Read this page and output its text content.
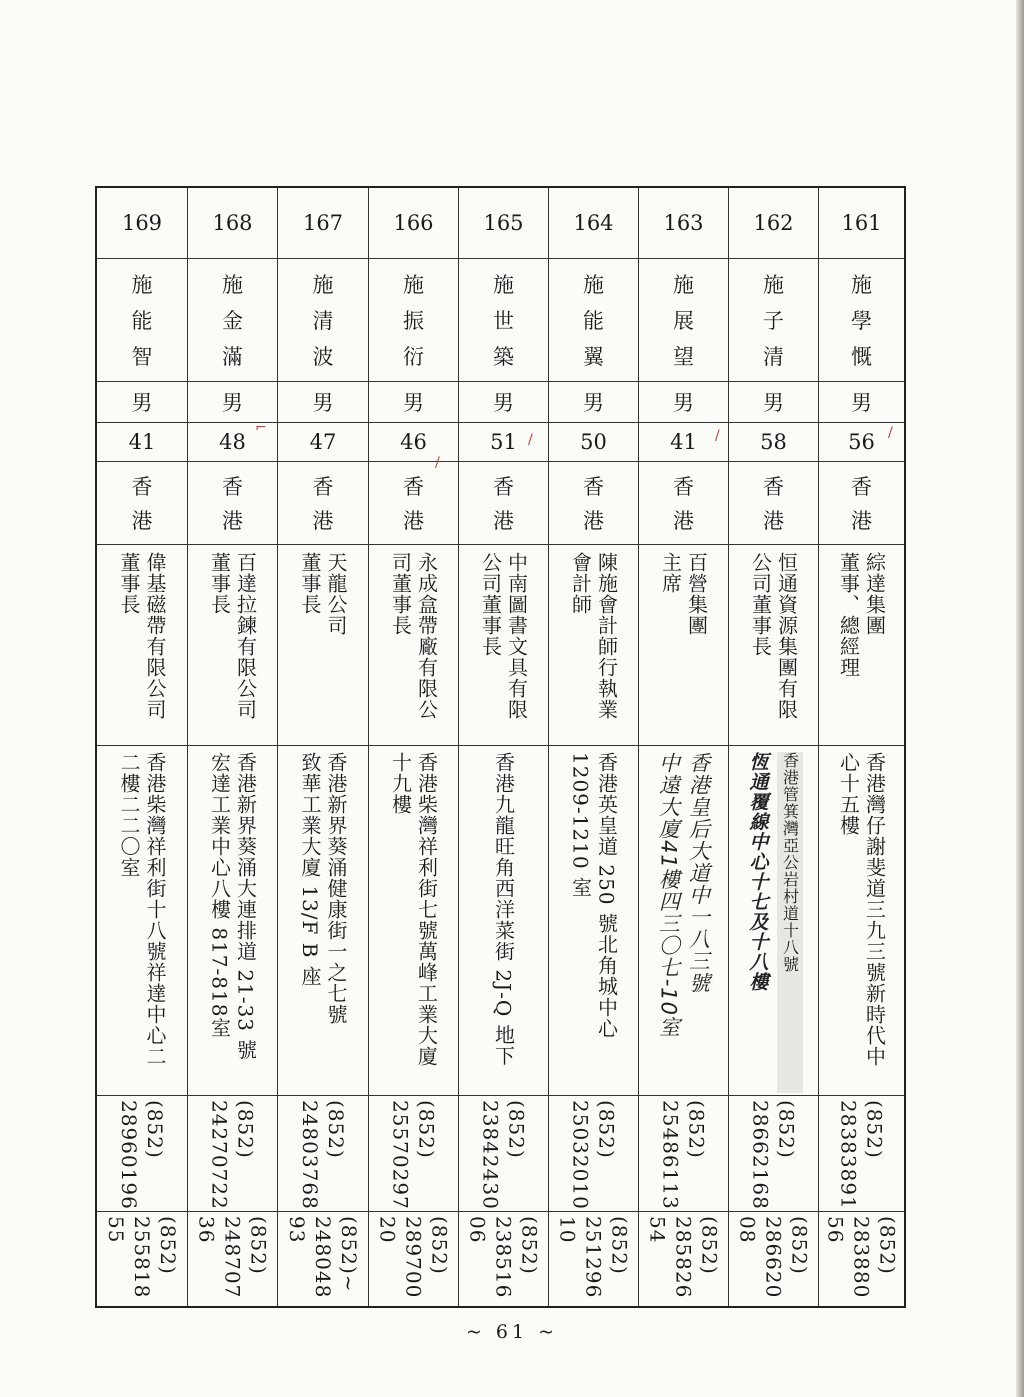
169
施
能
智
男
41
香
港
偉基磁帶有限公司
董事長
香港柴灣祥利街十八號祥達中心二
二樓二二〇室
(852)
28960196
(852)
25581855
168
施
金
滿
男
48
香
港
百達拉鍊有限公司
董事長
香港新界葵涌大連排道 21-33 號
宏達工業中心八樓 817-818室
(852)
24270722
(852)
24870736
167
施
清
波
男
47
香
港
天龍公司
董事長
香港新界葵涌健康街一之七號
致華工業大廈 13/F B 座
(852)
24803768
(852)~
24804893
166
施
振
衍
男
46
香
港
永成盒帶廠有限公
司董事長
香港柴灣祥利街七號萬峰工業大廈
十九樓
(852)
25570297
(852)
28970020
165
施
世
築
男
51
香
港
中南圖書文具有限
公司董事長
香港九龍旺角西洋菜街 2J-Q 地下
(852)
23842430
(852)
23851606
164
施
能
翼
男
50
香
港
陳施會計師行執業
會計師
香港英皇道 250 號北角城中心
1209-1210 室
(852)
25032010
(852)
25129610
163
施
展
望
男
41
香
港
百營集團
主席
香港皇后大道中一八三號
中遠大廈41樓四三〇七-10室
(852)
25486113
(852)
28582654
162
施
子
清
男
58
香
港
恒通資源集團有限
公司董事長
恆通覆線中心十七及十八樓 香港管箕灣亞公岩村道十八號
(852)
28662168
(852)
28662008
161
施
學
慨
男
56
香
港
綜達集團
董事、總經理
香港灣仔謝斐道三九三號新時代中
心十五樓
(852)
28383891
(852)
28388056
⌐
/
/	/	/
~ 61 ~
